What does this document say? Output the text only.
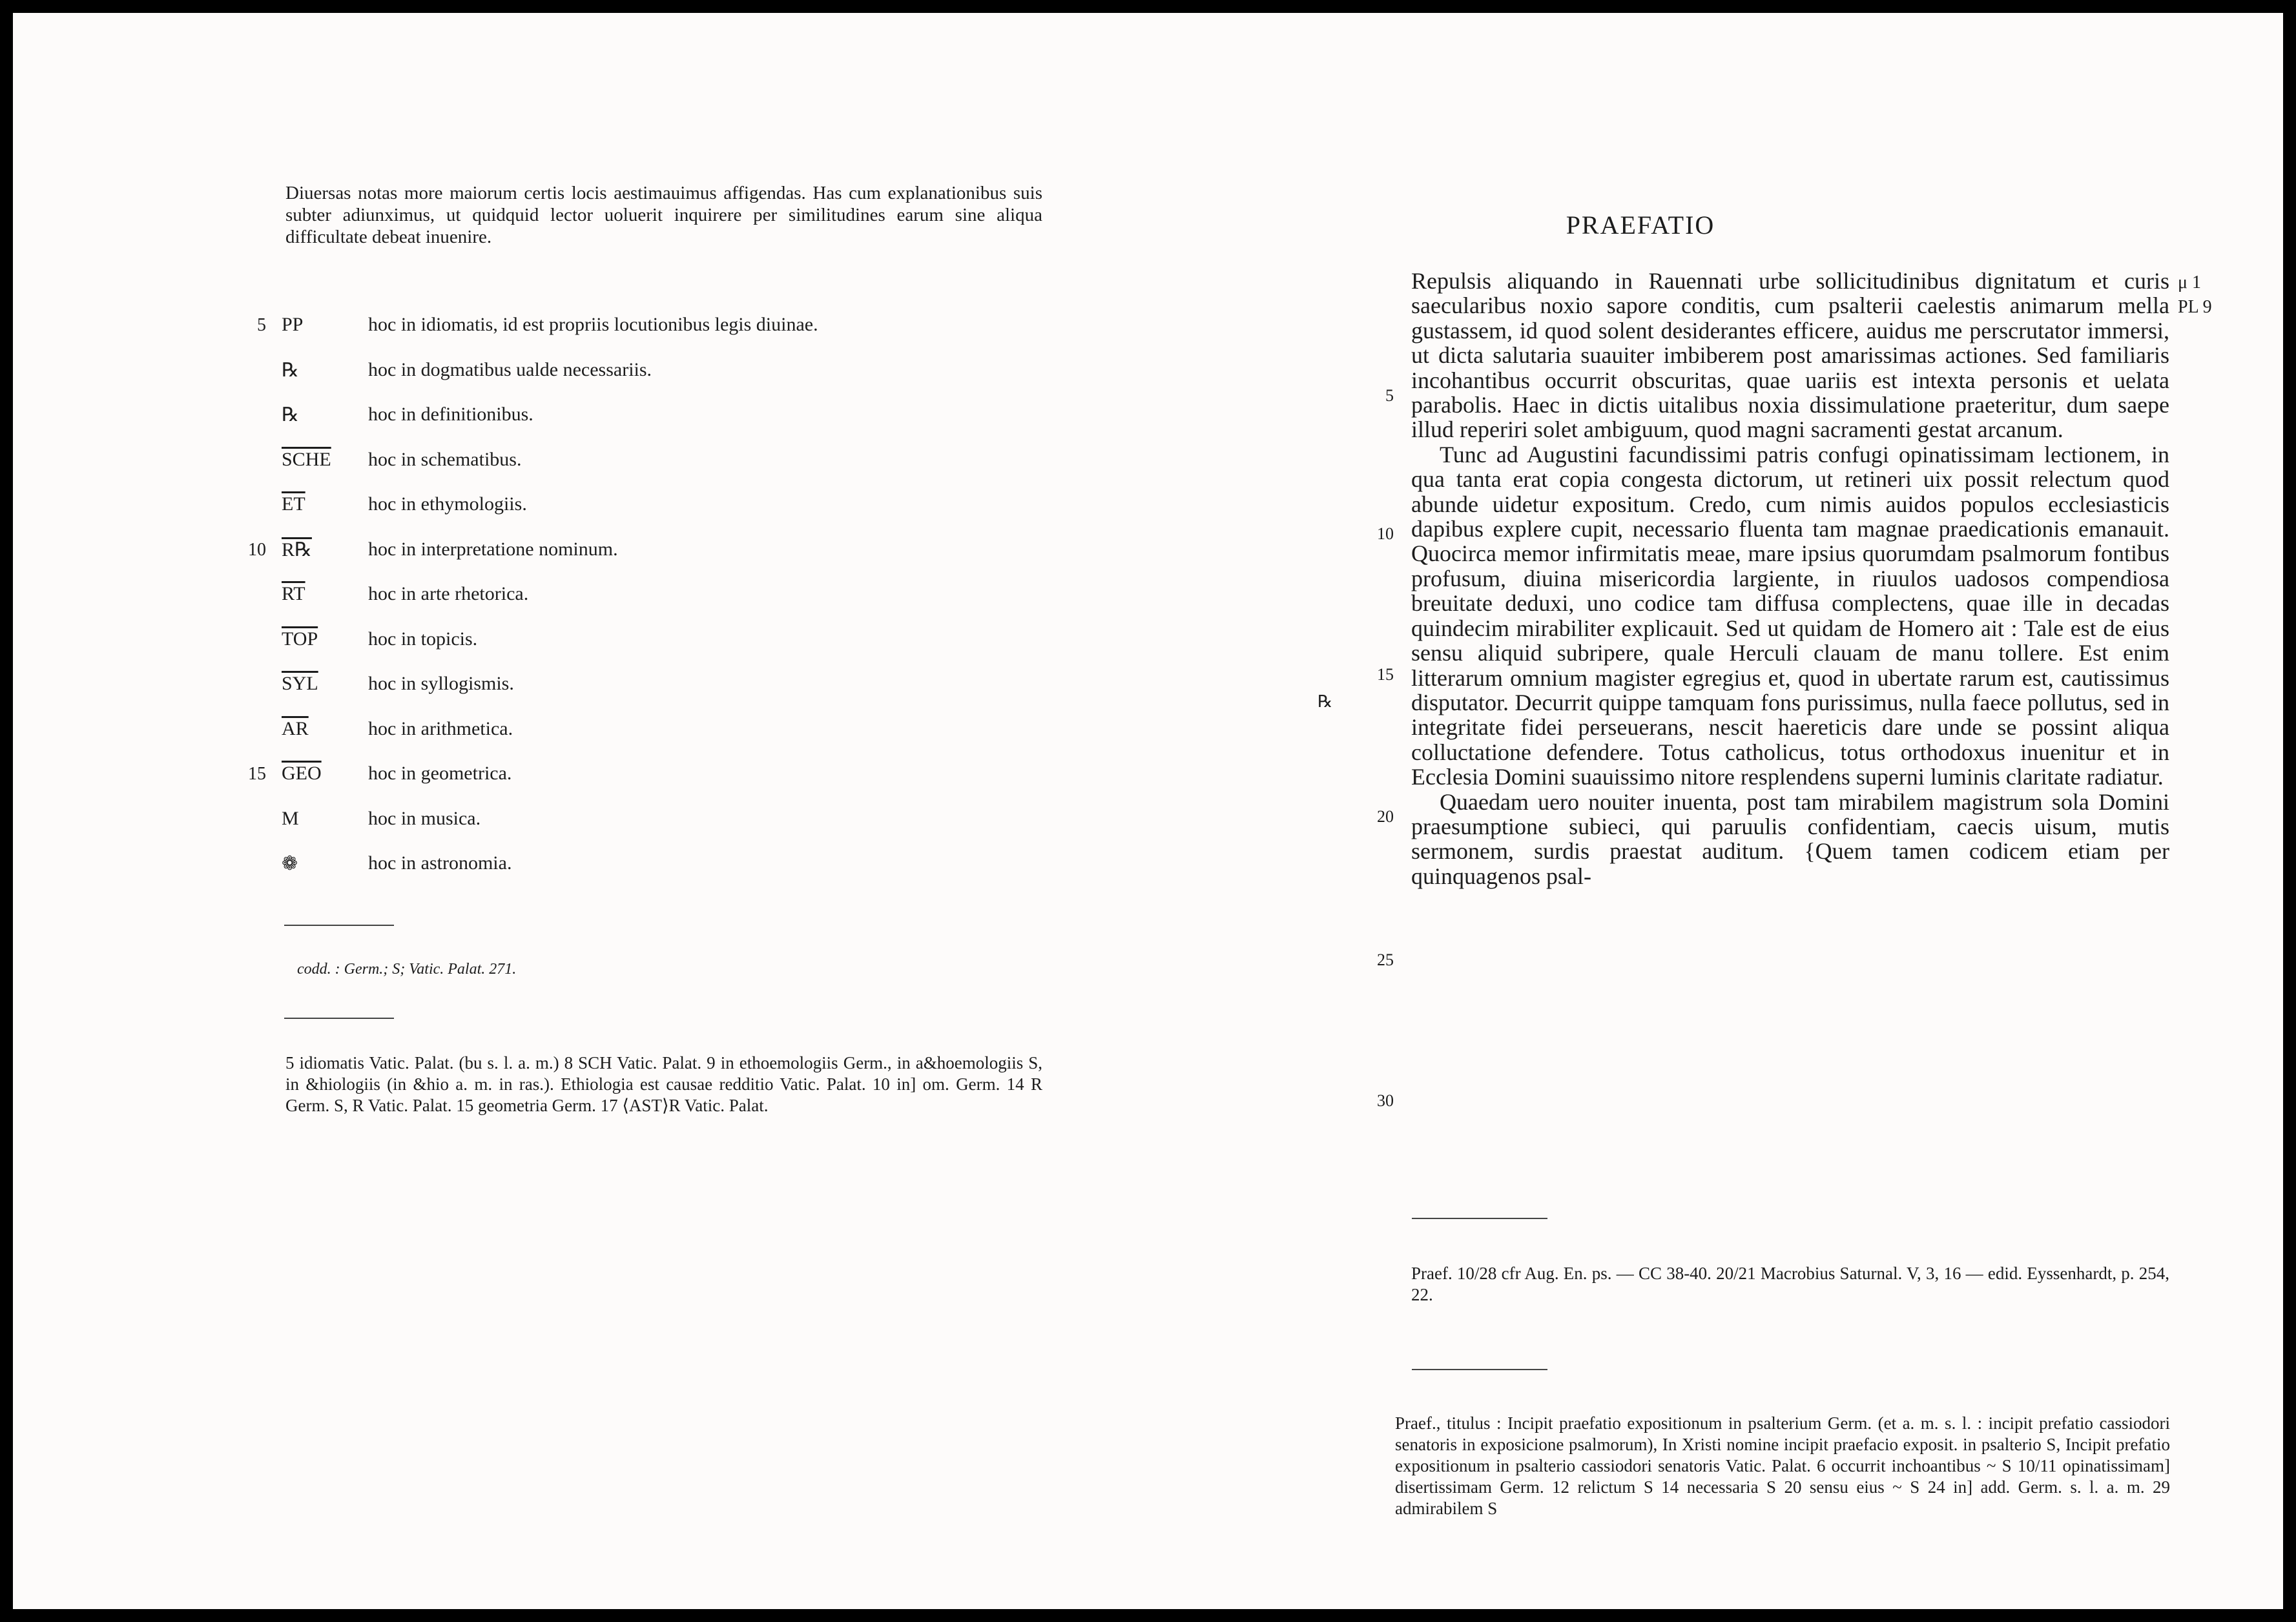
Diuersas notas more maiorum certis locis aestimauimus affigendas. Has cum explanationibus suis subter adiunximus, ut quidquid lector uoluerit inquirere per similitudines earum sine aliqua difficultate debeat inuenire.
5 PP	hoc in idiomatis, id est propriis locutionibus legis diuinae.
℞	hoc in dogmatibus ualde necessariis.
℞	hoc in definitionibus.
SCHE	hoc in schematibus.
$\overline{ET}$	hoc in ethymologiis.
10 R℞	hoc in interpretatione nominum.
$\overline{RT}$	hoc in arte rhetorica.
$\overline{TOP}$	hoc in topicis.
$\overline{SYL}$	hoc in syllogismis.
$\overline{AR}$	hoc in arithmetica.
15 $\overline{GEO}$	hoc in geometrica.
M	hoc in musica.
❁	hoc in astronomia.
codd. : Germ.; S; Vatic. Palat. 271.
5 idiomatis Vatic. Palat. (bu s. l. a. m.) 8 SCH Vatic. Palat. 9 in ethoemologiis Germ., in a&hoemologiis S, in &hiologiis (in &hio a. m. in ras.). Ethiologia est causae redditio Vatic. Palat. 10 in] om. Germ. 14 R Germ. S, R Vatic. Palat. 15 geometria Germ. 17 ⟨AST⟩R Vatic. Palat.
PRAEFATIO

Repulsis aliquando in Rauennati urbe sollicitudinibus dignitatum et curis saecularibus noxio sapore conditis, cum psalterii caelestis animarum mella gustassem, id quod solent desiderantes efficere, auidus me perscrutator immersi, ut dicta salutaria suauiter imbiberem post amarissimas actiones. Sed familiaris incohantibus occurrit obscuritas, quae uariis est intexta personis et uelata parabolis. Haec in dictis uitalibus noxia dissimulatione praeteritur, dum saepe illud reperiri solet ambiguum, quod magni sacramenti gestat arcanum.

Tunc ad Augustini facundissimi patris confugi opinatissimam lectionem, in qua tanta erat copia congesta dictorum, ut retineri uix possit relectum quod abunde uidetur expositum. Credo, cum nimis auidos populos ecclesiasticis dapibus explere cupit, necessario fluenta tam magnae praedicationis emanauit. Quocirca memor infirmitatis meae, mare ipsius quorumdam psalmorum fontibus profusum, diuina misericordia largiente, in riuulos uadosos compendiosa breuitate deduxi, uno codice tam diffusa complectens, quae ille in decadas quindecim mirabiliter explicauit. Sed ut quidam de Homero ait : Tale est de eius sensu aliquid subripere, quale Herculi clauam de manu tollere. Est enim litterarum omnium magister egregius et, quod in ubertate rarum est, cautissimus disputator. Decurrit quippe tamquam fons purissimus, nulla faece pollutus, sed in integritate fidei perseuerans, nescit haereticis dare unde se possint aliqua colluctatione defendere. Totus catholicus, totus orthodoxus inuenitur et in Ecclesia Domini suauissimo nitore resplendens superni luminis claritate radiatur.

Quaedam uero nouiter inuenta, post tam mirabilem magistrum sola Domini praesumptione subieci, qui paruulis confidentiam, caecis uisum, mutis sermonem, surdis praestat auditum. {Quem tamen codicem etiam per quinquagenos psal-

5
10
15
20
25
30
μ 1
PL 9
℞
Praef. 10/28 cfr Aug. En. ps. — CC 38-40. 20/21 Macrobius Saturnal. V, 3, 16 — edid. Eyssenhardt, p. 254, 22.
Praef., titulus : Incipit praefatio expositionum in psalterium Germ. (et a. m. s. l. : incipit prefatio cassiodori senatoris in exposicione psalmorum), In Xristi nomine incipit praefacio exposit. in psalterio S, Incipit prefatio expositionum in psalterio cassiodori senatoris Vatic. Palat. 6 occurrit inchoantibus ~ S 10/11 opinatissimam] disertissimam Germ. 12 relictum S 14 necessaria S 20 sensu eius ~ S 24 in] add. Germ. s. l. a. m. 29 admirabilem S
